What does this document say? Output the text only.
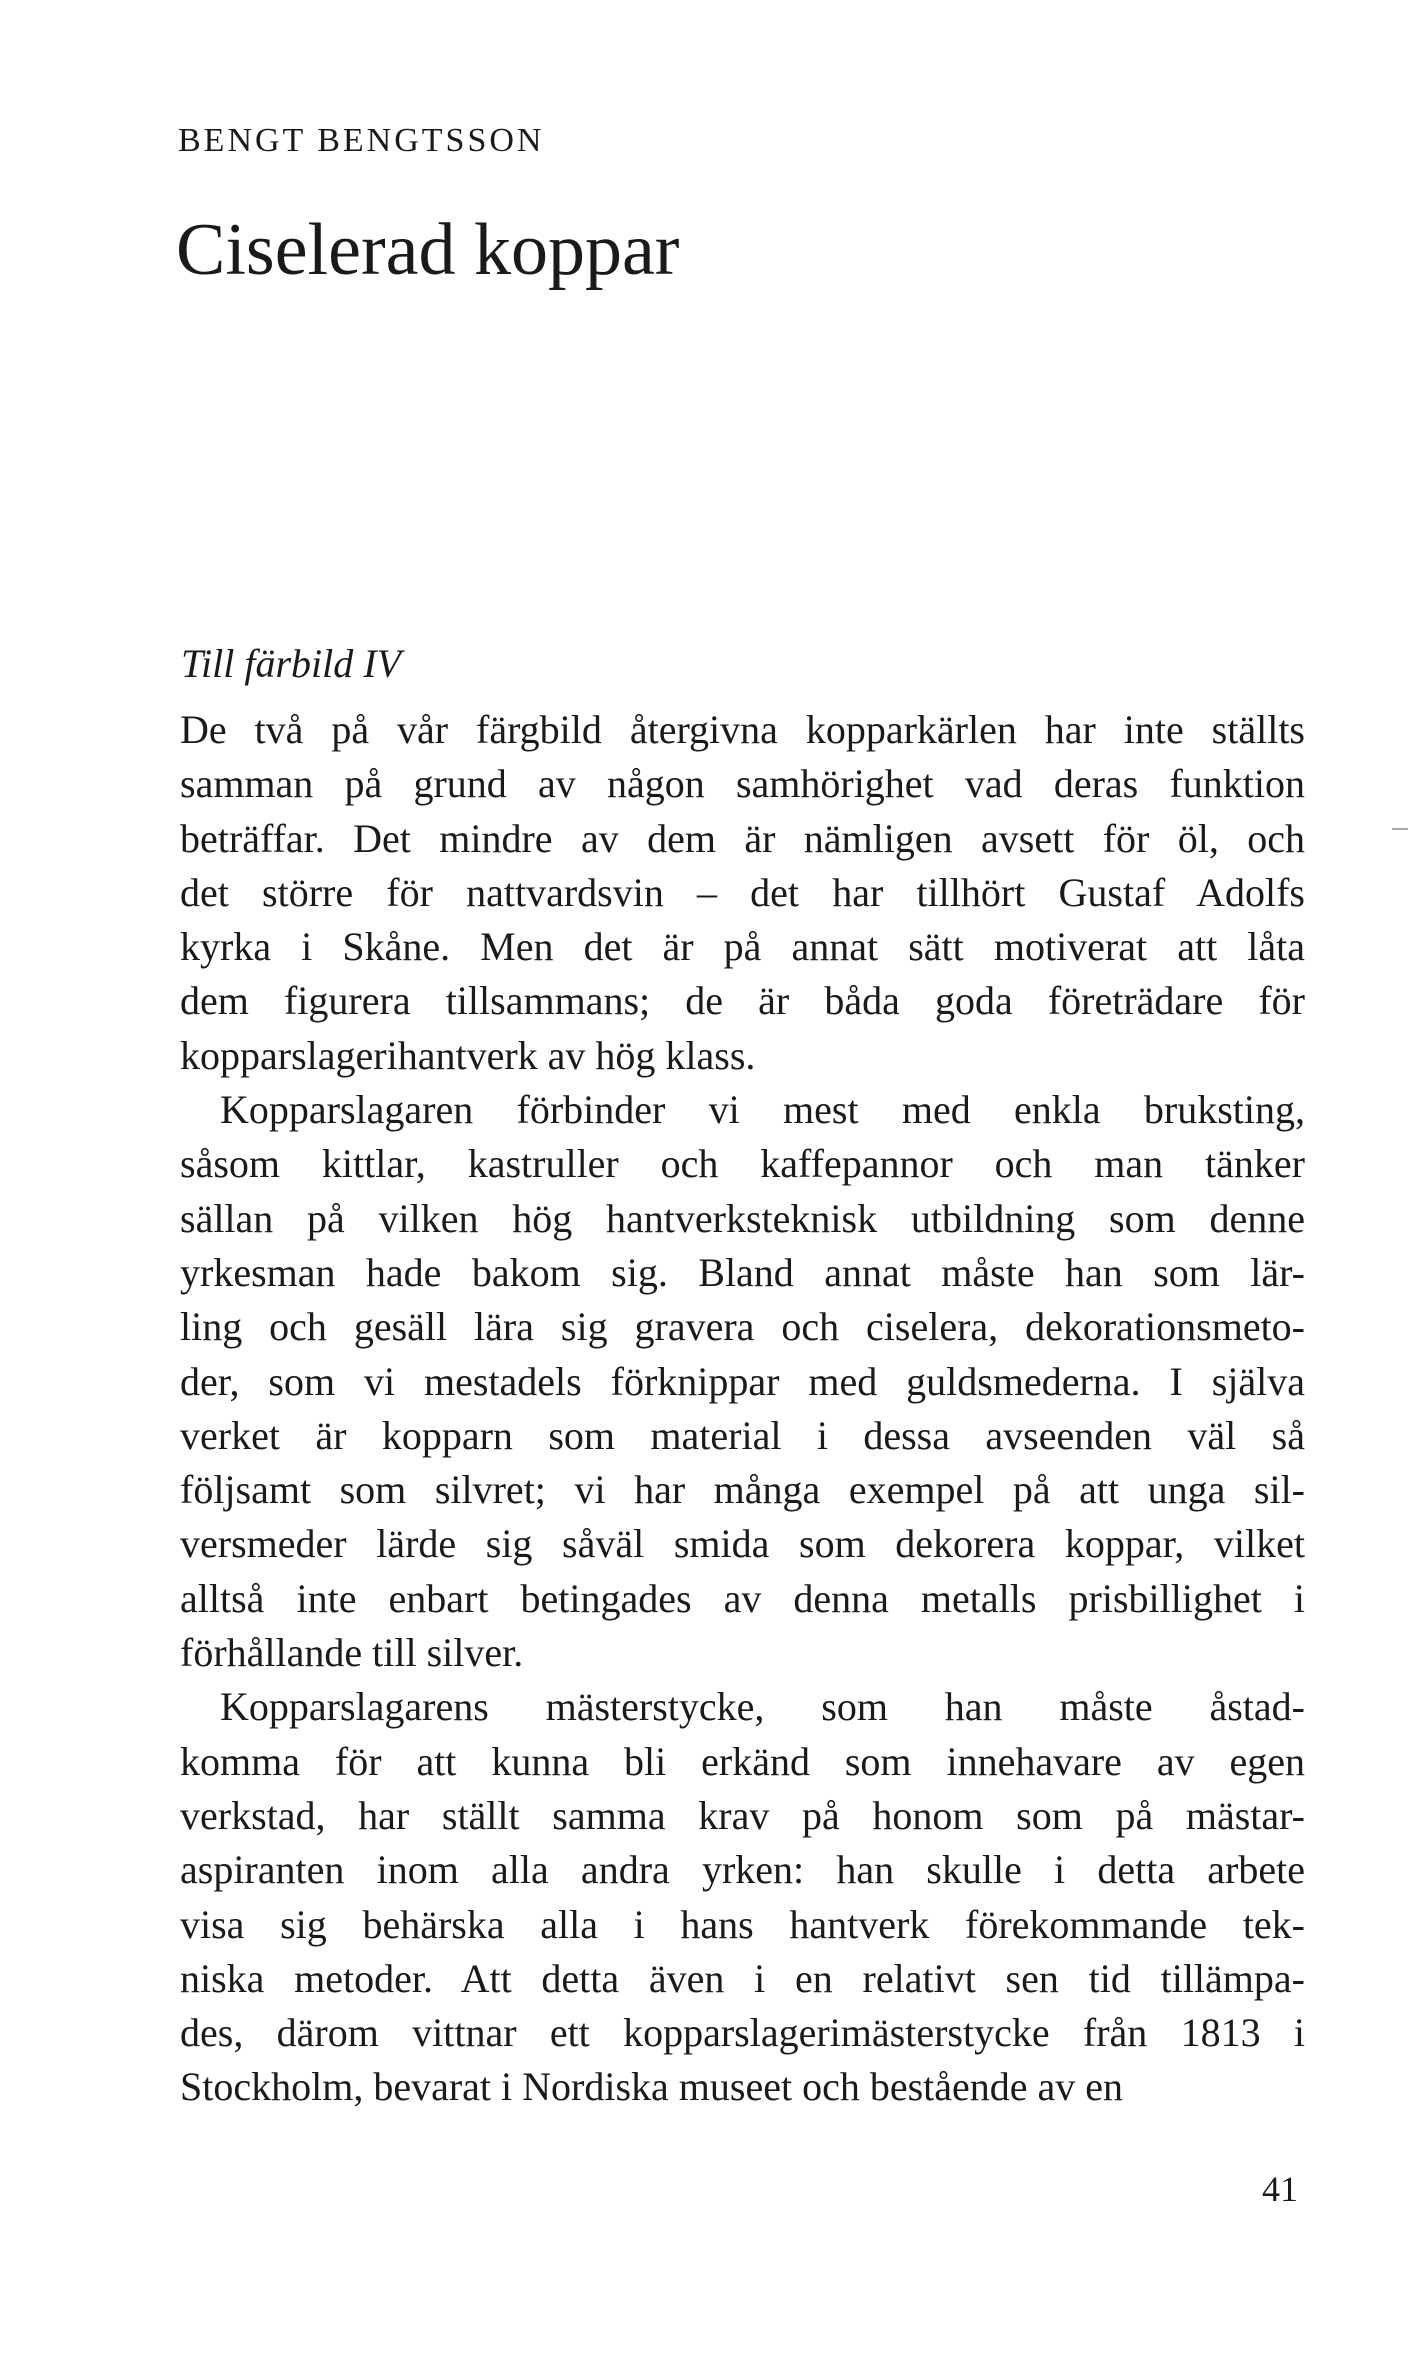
BENGT BENGTSSON
Ciselerad koppar
Till färbild IV
De två på vår färgbild återgivna kopparkärlen har inte ställts
samman på grund av någon samhörighet vad deras funktion
beträffar. Det mindre av dem är nämligen avsett för öl, och
det större för nattvardsvin – det har tillhört Gustaf Adolfs
kyrka i Skåne. Men det är på annat sätt motiverat att låta
dem figurera tillsammans; de är båda goda företrädare för
kopparslagerihantverk av hög klass.
Kopparslagaren förbinder vi mest med enkla bruksting,
såsom kittlar, kastruller och kaffepannor och man tänker
sällan på vilken hög hantverksteknisk utbildning som denne
yrkesman hade bakom sig. Bland annat måste han som lär-
ling och gesäll lära sig gravera och ciselera, dekorationsmeto-
der, som vi mestadels förknippar med guldsmederna. I själva
verket är kopparn som material i dessa avseenden väl så
följsamt som silvret; vi har många exempel på att unga sil-
versmeder lärde sig såväl smida som dekorera koppar, vilket
alltså inte enbart betingades av denna metalls prisbillighet i
förhållande till silver.
Kopparslagarens mästerstycke, som han måste åstad-
komma för att kunna bli erkänd som innehavare av egen
verkstad, har ställt samma krav på honom som på mästar-
aspiranten inom alla andra yrken: han skulle i detta arbete
visa sig behärska alla i hans hantverk förekommande tek-
niska metoder. Att detta även i en relativt sen tid tillämpa-
des, därom vittnar ett kopparslagerimästerstycke från 1813 i
Stockholm, bevarat i Nordiska museet och bestående av en
41
